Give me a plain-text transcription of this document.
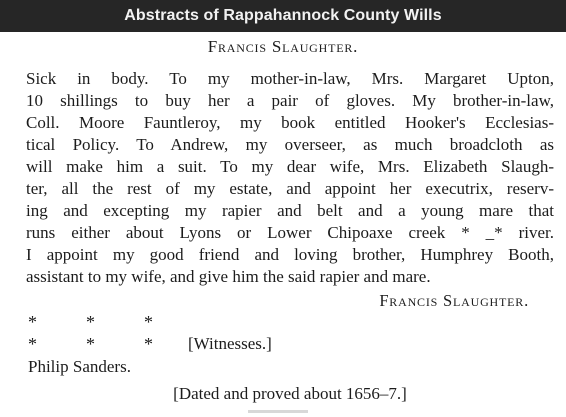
Abstracts of Rappahannock County Wills
Francis Slaughter.
Sick in body. To my mother-in-law, Mrs. Margaret Upton,
10 shillings to buy her a pair of gloves. My brother-in-law,
Coll. Moore Fauntleroy, my book entitled Hooker's Ecclesias-
tical Policy. To Andrew, my overseer, as much broadcloth as
will make him a suit. To my dear wife, Mrs. Elizabeth Slaugh-
ter, all the rest of my estate, and appoint her executrix, reserv-
ing and excepting my rapier and belt and a young mare that
runs either about Lyons or Lower Chipoaxe creek * _* river.
I appoint my good friend and loving brother, Humphrey Booth,
assistant to my wife, and give him the said rapier and mare.
Francis Slaughter.
*	*	*
*	*	*	[Witnesses.]
Philip Sanders.
[Dated and proved about 1656–7.]
